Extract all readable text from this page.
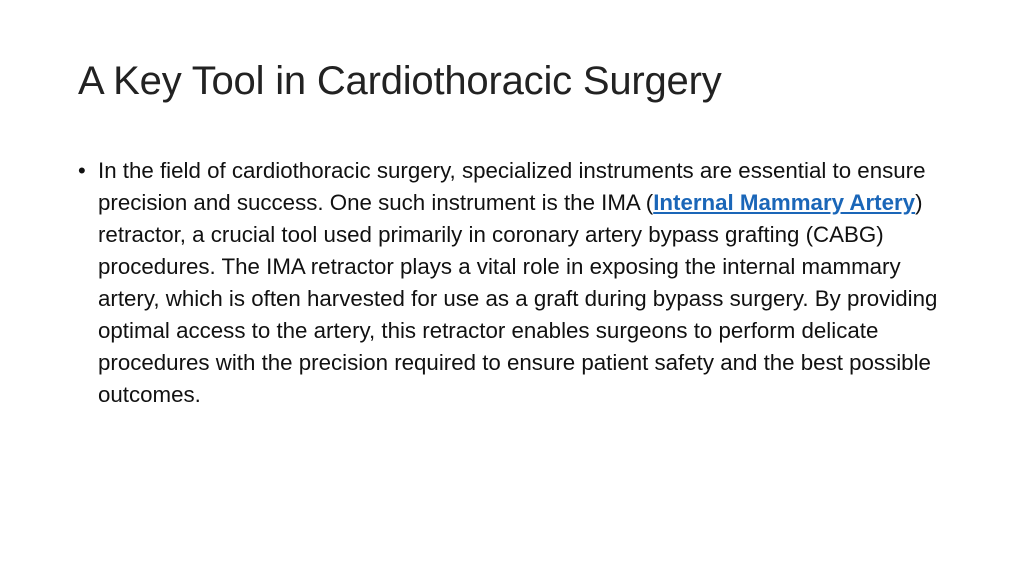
A Key Tool in Cardiothoracic Surgery
• In the field of cardiothoracic surgery, specialized instruments are essential to ensure precision and success. One such instrument is the IMA (Internal Mammary Artery) retractor, a crucial tool used primarily in coronary artery bypass grafting (CABG) procedures. The IMA retractor plays a vital role in exposing the internal mammary artery, which is often harvested for use as a graft during bypass surgery. By providing optimal access to the artery, this retractor enables surgeons to perform delicate procedures with the precision required to ensure patient safety and the best possible outcomes.
